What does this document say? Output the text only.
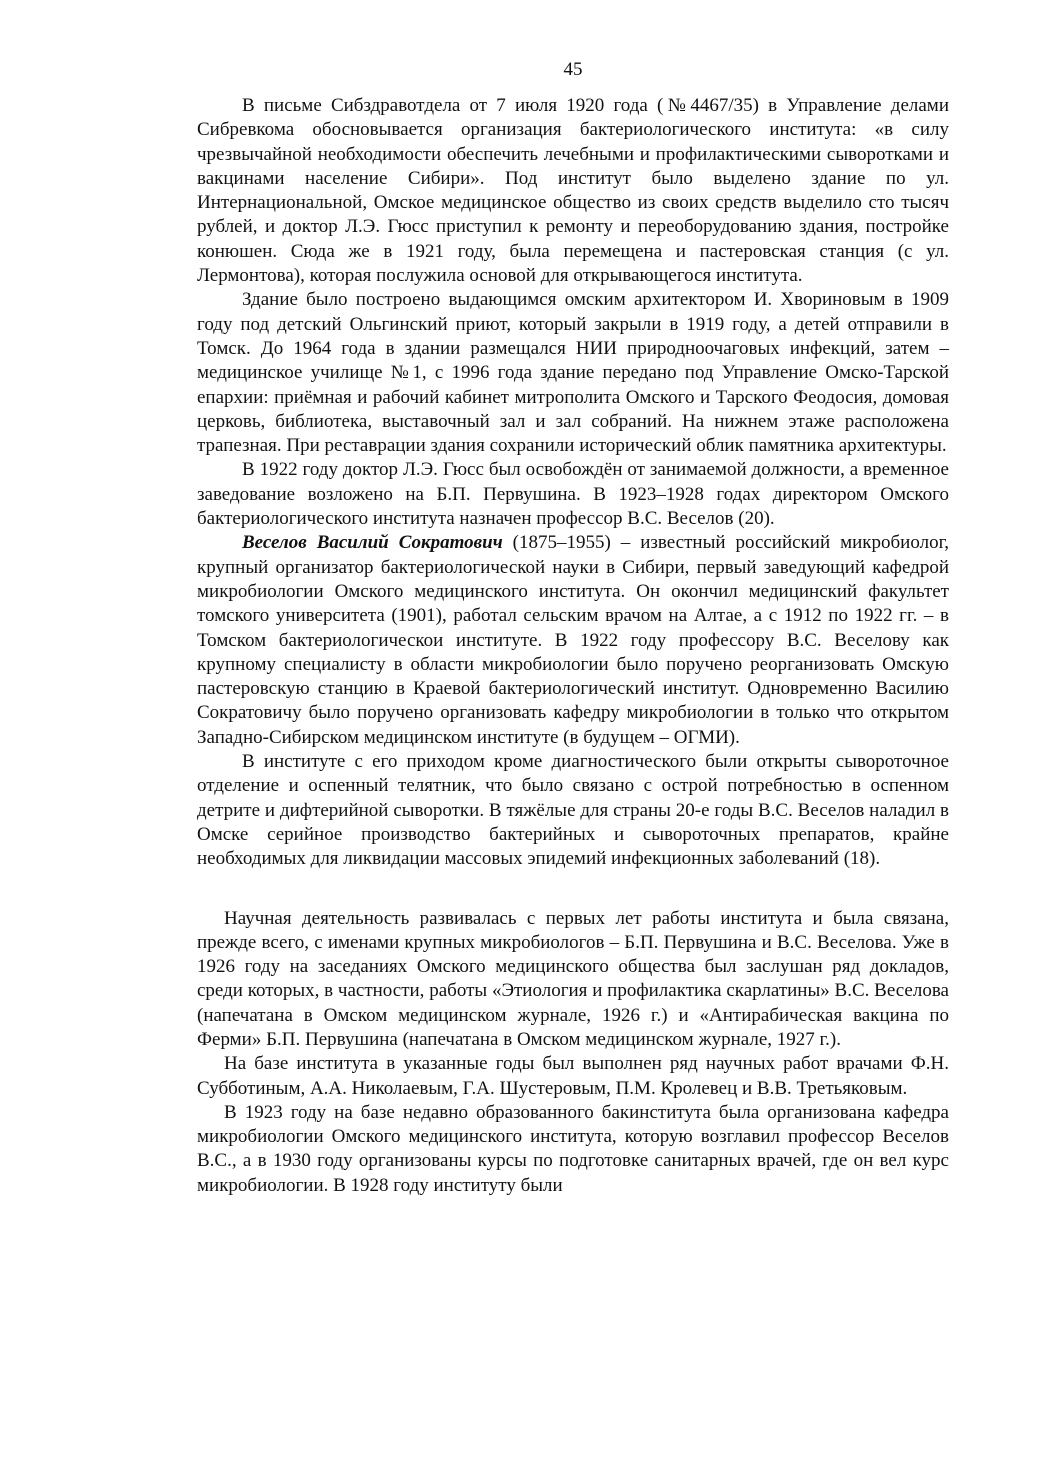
45

В письме Сибздравотдела от 7 июля 1920 года (№4467/35) в Управление делами Сибревкома обосновывается организация бактериологического института: «в силу чрезвычайной необходимости обеспечить лечебными и профилактическими сыворотками и вакцинами население Сибири». Под институт было выделено здание по ул. Интернациональной, Омское медицинское общество из своих средств выделило сто тысяч рублей, и доктор Л.Э. Гюсс приступил к ремонту и переоборудованию здания, постройке конюшен. Сюда же в 1921 году, была перемещена и пастеровская станция (с ул. Лермонтова), которая послужила основой для открывающегося института.

Здание было построено выдающимся омским архитектором И. Хвориновым в 1909 году под детский Ольгинский приют, который закрыли в 1919 году, а детей отправили в Томск. До 1964 года в здании размещался НИИ природноочаговых инфекций, затем – медицинское училище №1, с 1996 года здание передано под Управление Омско-Тарской епархии: приёмная и рабочий кабинет митрополита Омского и Тарского Феодосия, домовая церковь, библиотека, выставочный зал и зал собраний. На нижнем этаже расположена трапезная. При реставрации здания сохранили исторический облик памятника архитектуры.

В 1922 году доктор Л.Э. Гюсс был освобождён от занимаемой должности, а временное заведование возложено на Б.П. Первушина. В 1923–1928 годах директором Омского бактериологического института назначен профессор В.С. Веселов (20).

Веселов Василий Сократович (1875–1955) – известный российский микробиолог, крупный организатор бактериологической науки в Сибири, первый заведующий кафедрой микробиологии Омского медицинского института. Он окончил медицинский факультет томского университета (1901), работал сельским врачом на Алтае, а с 1912 по 1922 гг. – в Томском бактериологическои институте. В 1922 году профессору В.С. Веселову как крупному специалисту в области микробиологии было поручено реорганизовать Омскую пастеровскую станцию в Краевой бактериологический институт. Одновременно Василию Сократовичу было поручено организовать кафедру микробиологии в только что открытом Западно-Сибирском медицинском институте (в будущем – ОГМИ).

В институте с его приходом кроме диагностического были открыты сывороточное отделение и оспенный телятник, что было связано с острой потребностью в оспенном детрите и дифтерийной сыворотки. В тяжёлые для страны 20-е годы В.С. Веселов наладил в Омске серийное производство бактерийных и сывороточных препаратов, крайне необходимых для ликвидации массовых эпидемий инфекционных заболеваний (18).

Научная деятельность развивалась с первых лет работы института и была связана, прежде всего, с именами крупных микробиологов – Б.П. Первушина и В.С. Веселова. Уже в 1926 году на заседаниях Омского медицинского общества был заслушан ряд докладов, среди которых, в частности, работы «Этиология и профилактика скарлатины» В.С. Веселова (напечатана в Омском медицинском журнале, 1926 г.) и «Антирабическая вакцина по Ферми» Б.П. Первушина (напечатана в Омском медицинском журнале, 1927 г.).

На базе института в указанные годы был выполнен ряд научных работ врачами Ф.Н. Субботиным, А.А. Николаевым, Г.А. Шустеровым, П.М. Кролевец и В.В. Третьяковым.

В 1923 году на базе недавно образованного бакинститута была организована кафедра микробиологии Омского медицинского института, которую возглавил профессор Веселов В.С., а в 1930 году организованы курсы по подготовке санитарных врачей, где он вел курс микробиологии. В 1928 году институту были
